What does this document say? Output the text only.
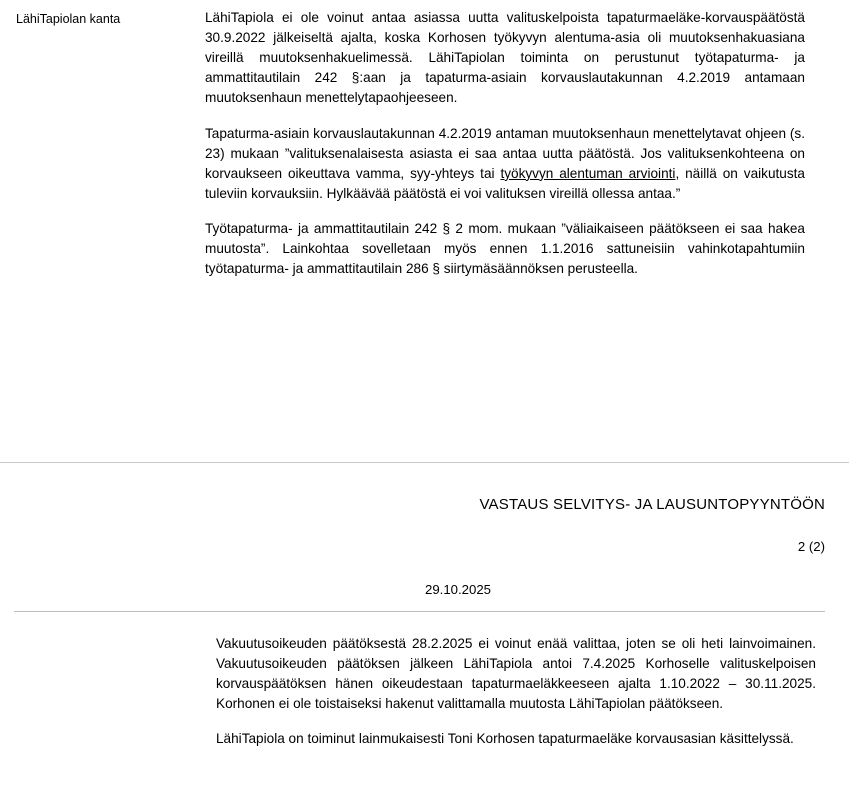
LähiTapiolan kanta	LähiTapiola ei ole voinut antaa asiassa uutta valituskelpoista tapaturmaeläke-korvauspäätöstä 30.9.2022 jälkeiseltä ajalta, koska Korhosen työkyvyn alentuma-asia oli muutoksenhakuasiana vireillä muutoksenhakuelimessä. LähiTapiolan toiminta on perustunut työtapaturma- ja ammattitautilain 242 §:aan ja tapaturma-asiain korvauslautakunnan 4.2.2019 antamaan muutoksenhaun menettelytapaohjeeseen.

Tapaturma-asiain korvauslautakunnan 4.2.2019 antaman muutoksenhaun menettelytavat ohjeen (s. 23) mukaan ”valituksenalaisesta asiasta ei saa antaa uutta päätöstä. Jos valituksenkohteena on korvaukseen oikeuttava vamma, syy-yhteys tai työkyvyn alentuman arviointi, näillä on vaikutusta tuleviin korvauksiin. Hylkäävää päätöstä ei voi valituksen vireillä ollessa antaa.”

Työtapaturma- ja ammattitautilain 242 § 2 mom. mukaan ”väliaikaiseen päätökseen ei saa hakea muutosta”. Lainkohtaa sovelletaan myös ennen 1.1.2016 sattuneisiin vahinkotapahtumiin työtapaturma- ja ammattitautilain 286 § siirtymäsäännöksen perusteella.

VASTAUS SELVITYS- JA LAUSUNTOPYYNTÖÖN
2 (2)
29.10.2025

Vakuutusoikeuden päätöksestä 28.2.2025 ei voinut enää valittaa, joten se oli heti lainvoimainen. Vakuutusoikeuden päätöksen jälkeen LähiTapiola antoi 7.4.2025 Korhoselle valituskelpoisen korvauspäätöksen hänen oikeudestaan tapaturmaeläkkeeseen ajalta 1.10.2022 – 30.11.2025. Korhonen ei ole toistaiseksi hakenut valittamalla muutosta LähiTapiolan päätökseen.

LähiTapiola on toiminut lainmukaisesti Toni Korhosen tapaturmaeläke korvausasian käsittelyssä.
